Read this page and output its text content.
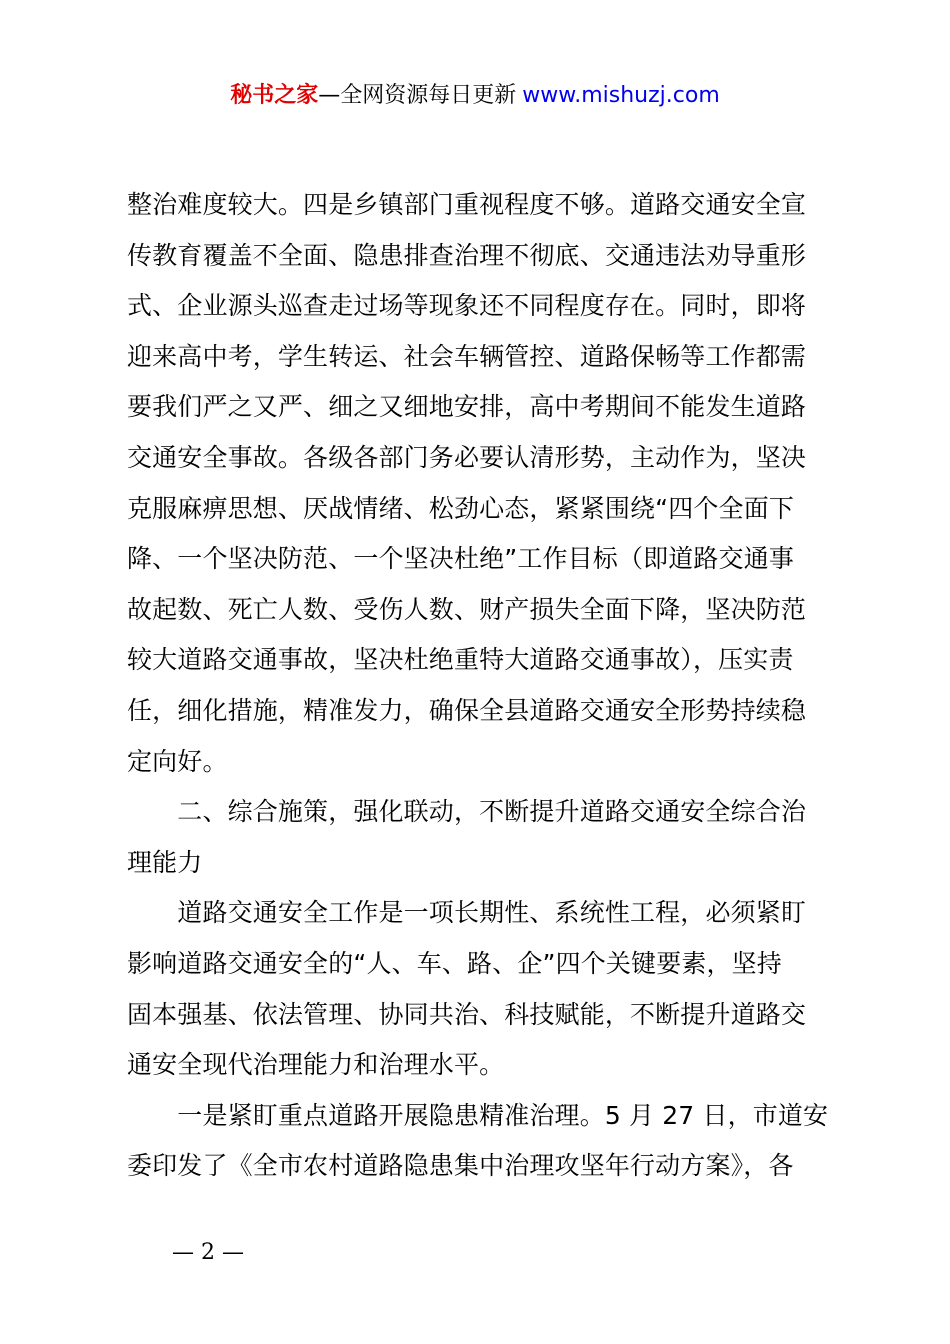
秘书之家—全网资源每日更新 www.mishuzj.com
整治难度较大。四是乡镇部门重视程度不够。道路交通安全宣
传教育覆盖不全面、隐患排查治理不彻底、交通违法劝导重形
式、企业源头巡查走过场等现象还不同程度存在。同时，即将
迎来高中考，学生转运、社会车辆管控、道路保畅等工作都需
要我们严之又严、细之又细地安排，高中考期间不能发生道路
交通安全事故。各级各部门务必要认清形势，主动作为，坚决
克服麻痹思想、厌战情绪、松劲心态，紧紧围绕“四个全面下
降、一个坚决防范、一个坚决杜绝”工作目标（即道路交通事
故起数、死亡人数、受伤人数、财产损失全面下降，坚决防范
较大道路交通事故，坚决杜绝重特大道路交通事故），压实责
任，细化措施，精准发力，确保全县道路交通安全形势持续稳
定向好。
　　二、综合施策，强化联动，不断提升道路交通安全综合治
理能力
　　道路交通安全工作是一项长期性、系统性工程，必须紧盯
影响道路交通安全的“人、车、路、企”四个关键要素，坚持
固本强基、依法管理、协同共治、科技赋能，不断提升道路交
通安全现代治理能力和治理水平。
　　一是紧盯重点道路开展隐患精准治理。5 月 27 日，市道安
委印发了《全市农村道路隐患集中治理攻坚年行动方案》，各
— 2 —
